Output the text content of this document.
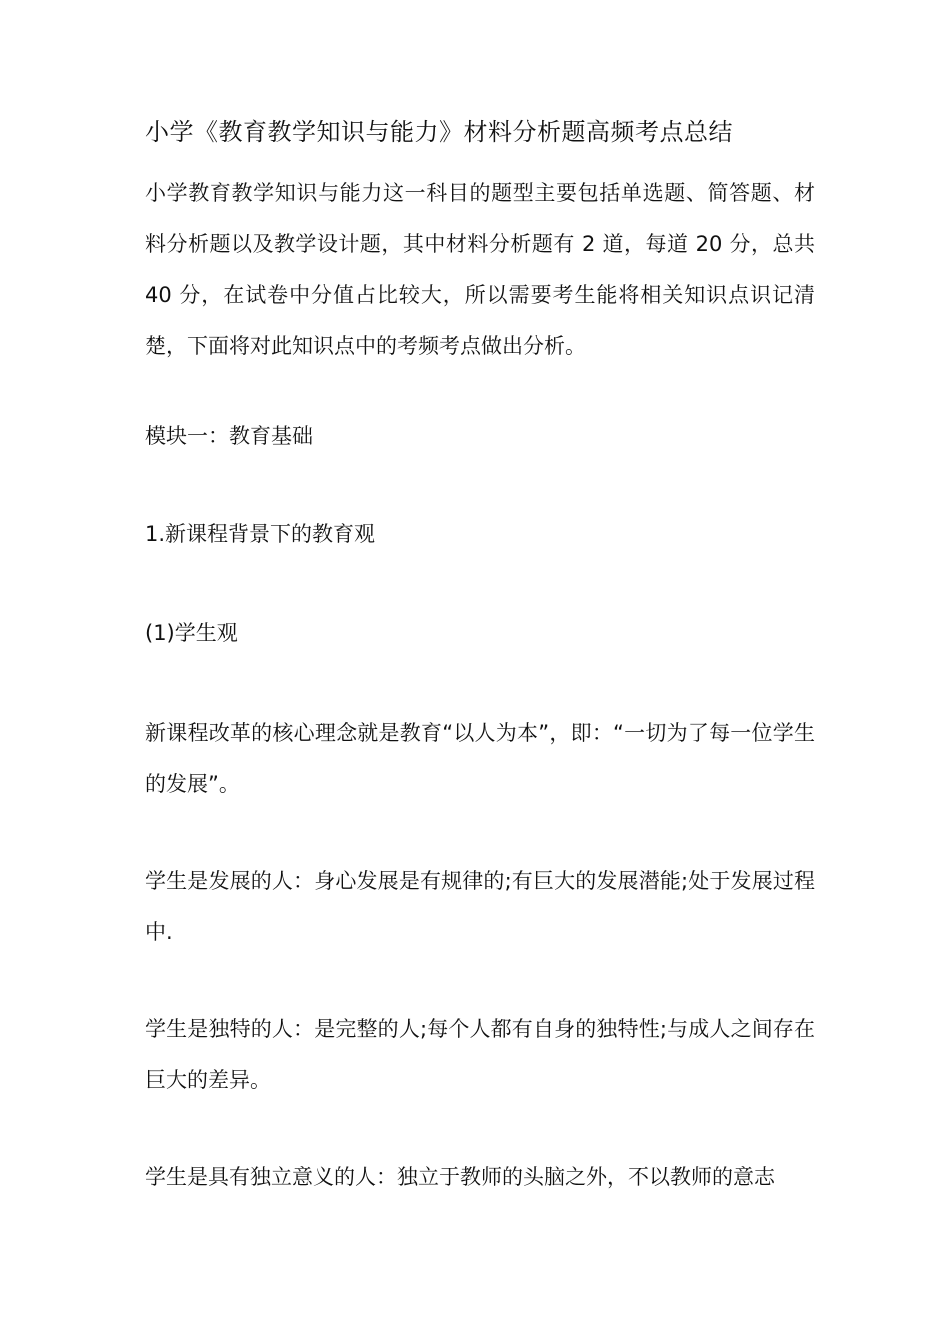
小学《教育教学知识与能力》材料分析题高频考点总结
小学教育教学知识与能力这一科目的题型主要包括单选题、简答题、材料分析题以及教学设计题，其中材料分析题有 2 道，每道 20 分，总共 40 分，在试卷中分值占比较大，所以需要考生能将相关知识点识记清楚，下面将对此知识点中的考频考点做出分析。
模块一：教育基础
1.新课程背景下的教育观
(1)学生观
新课程改革的核心理念就是教育“以人为本”，即：“一切为了每一位学生的发展”。
学生是发展的人：身心发展是有规律的;有巨大的发展潜能;处于发展过程中.
学生是独特的人：是完整的人;每个人都有自身的独特性;与成人之间存在巨大的差异。
学生是具有独立意义的人：独立于教师的头脑之外，不以教师的意志
